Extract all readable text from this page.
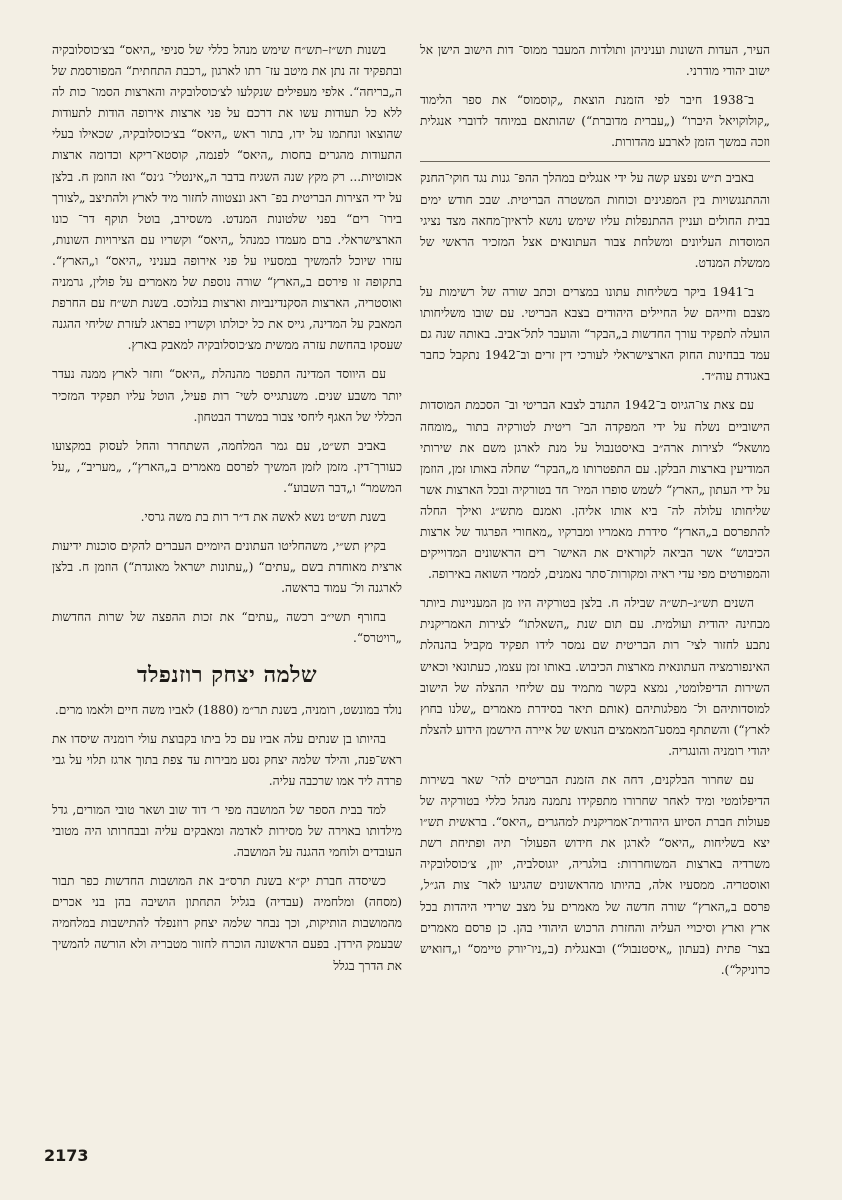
העיר, העדות השונות ועניניהן ותולדות המעבר ממוס־ דות הישוב הישן אל ישוב יהודי מודרני.

ב־1938 חיבר לפי הזמנת הוצאת „קוסמוס“ את ספר הלימוד „קולוקויאל היברו“ („עברית מדוברת“) שהותאם במיוחד לדוברי אנגלית וזכה במשך הזמן לארבע מהדורות.

באביב ת״ש נפצע קשה על ידי אנגלים במהלך ההפ־ גנות נגד חוקי־החנק וההתנגשויות בין המפגינים וכוחות המשטרה הבריטית. שבכ חודש ימים בבית החולים ועניין ההתנפלות עליו שימש נושא לראיון־מחאה מצד נציגי המוסדות העליונים ומשלחת צבור העתונאים אצל המזכיר הראשי של ממשלת המנדט.

ב־1941 ביקר בשליחות עתונו במצרים וכתב שורה של רשימות על מצבם וחייהם של החיילים היהודים בצבא הבריטי. עם שובו משליחותו הועלה לתפקיד עורך החדשות ב„הבקר“ והועבר לתל־אביב. באותה שנה גם עמד בבחינות החוק הארצישראלי לעורכי דין זרים וב־1942 נתקבל כחבר באגודת עוה״ד.

עם צאת צו־הגיוס ב־1942 התנדב לצבא הבריטי וב־ הסכמת המוסדות הישוביים נשלח על ידי המפקדה הב־ ריטית לטורקיה בתור „מומחה מושאל“ לצירות ארה״ב באיסטנבול על מנת לארגן משם את שירותי המודיעין בארצות הבלקן. עם התפטרותו מ„הבקר“ שחלה באותו זמן, הוזמן על ידי העתון „הארץ“ לשמש סופרו המיו־ חד בטורקיה ובכל הארצות אשר שליחותו עלולה לה־ ביא אותו אליהן. ואמנם מתש״ג ואילך החלה להתפרסם ב„הארץ“ סידרת מאמריו ומברקיו „מאחורי הפרגוד של ארצות הכיבוש“ אשר הביאה לקוראים את האישו־ רים הראשונים המדוייקים והמפורטים מפי עדי ראיה ומקורות־סתר נאמנים, לממדי השואה באירופה.

השנים תש״ג–תש״ה שבילה ח. בלצן בטורקיה היו מן המעניינות ביותר מבחינה יהודית ועולמית. עם תום שנת „השאלתו“ לצירות האמריקנית נתבע לחזור לצי־ רות הבריטית שם נמסר לידו תפקיד מקביל בהנהלת האינפורמציה העתונאית מארצות הכיבוש. באותו זמן עצמו, כעתונאי וכאיש השירות הדיפלומטי, נמצא בקשר מתמיד עם שליחי ההצלה של הישוב למוסדותיהם ול־ מפלגותיהם (אותם תיאר בסידרת מאמרים „שלנו בחוץ לארץ“) והשתתף במסע־המאמצים הנואש של איירה הירשמן הידוע להצלת יהודי רומניה והונגריה.

עם שחרור הבלקנים, דחה את הזמנת הבריטים להי־ שאר בשירות הדיפלומטי ומיד לאחר שחרורו מתפקידו נתמנה מנהל כללי בטורקיה של פעולות חברת הסיוע היהודית־אמריקנית למהגרים „היאס“. בראשית תש״ו יצא בשליחות „היאס“ לארגן את חידוש הפעולו־ תיה ופתיחת רשת משרדיה בארצות המשוחררות: בולגריה, יוגוסלביה, יוון, צ׳כוסלובקיה ואוסטריה. ממסעיו אלה, בהיותו מהראשונים שהגיעו לאר־ צות הג״ל, פרסם ב„הארץ“ שורה חדשה של מאמרים על מצב שרידי היהדות בכל ארץ וארץ וסיכויי העליה והחזרת הרכוש היהודי בהן. כן פרסם מאמרים בצר־ פתית (בעתון „איסטנבול“) ובאנגלית (ב„ניו־יורק טיימס“ ו„דזואיש כרוניקל“).

בשנות תש״ז–תש״ח שימש מנהל כללי של סניפי „היאס“ בצ׳כוסלובקיה ובתפקיד זה נתן את מיטב עז־ רתו לארגון „רכבת התחתית“ המפורסמת של ה„בריחה“. אלפי מעפילים שנקלעו לצ׳כוסלובקיה והארצות הסמו־ כות לה ללא כל תעודות עשו את דרכם על פני ארצות אירופה הודות לתעודות שהוצאו ונחתמו על ידו, בתור ראש „היאס“ בצ׳כוסלובקיה, שכאילו בעלי התעודות מהגרים בחסות „היאס“ לפנמה, קוסטא־ריקא וכדומה ארצות אכזוטיות... רק מקץ שנה השגיח בדבר ה„אינטלי־ ג׳נס“ ואז הוזמן ח. בלצן על ידי הצירות הבריטית בפ־ ראג ונצטווה לחזור מיד לארץ ולהתיצב „לצורך בירו־ רים“ בפני שלטונות המנדט. משסירב, בוטל תוקף דר־ כונו הארצישראלי. ברם מעמדו כמנהל „היאס“ וקשריו עם הצירויות השונות, עזרו שיוכל להמשיך במסעיו על פני אירופה בעניני „היאס“ ו„הארץ“. בתקופה זו פירסם ב„הארץ“ שורה נוספת של מאמרים על פולין, גרמניה ואוסטריה, הארצות הסקנדינביות וארצות בנלוכס. בשנת תש״ח עם החרפת המאבק על המדינה, גייס את כל יכולתו וקשריו בפראג לעזרת שליחי ההגנה שעסקו בהחשת עזרה ממשית מצ׳כוסלובקיה למאבק בארץ.

עם היווסד המדינה התפטר מהנהלת „היאס“ וחזר לארץ ממנה נעדר יותר משבע שנים. משנתגייס לשי־ רות פעיל, הוטל עליו תפקיד המזכיר הכללי של האגף ליחסי צבור במשרד הבטחון.

באביב תש״ט, עם גמר המלחמה, השתחרר והחל לעסוק במקצועו כעורך־דין. מזמן לזמן המשיך לפרסם מאמרים ב„הארץ“, „מעריב“, „על המשמר“ ו„דבר השבוע“.

בשנת תש״ט נשא לאשה את ד״ר רות בת משה גרסי.

בקיץ תש״י, משהחליטו העתונים היומיים העברים להקים סוכנות ידיעות ארצית מאוחדת בשם „עתים“ („עתונות ישראל מאוגדת“) הוזמן ח. בלצן לארגנה ול־ עמוד בראשה.

בחורף תשי״ב רכשה „עתים“ את זכות ההפצה של שרות החדשות „רויטרס“.

שלמה יצחק רוזנפלד

נולד במונשט, רומניה, בשנת תר״מ (1880) לאביו משה חיים ולאמו מרים.

בהיותו בן שנתים עלה אביו עם כל ביתו בקבוצת עולי רומניה שיסדו את ראש־פנה, והילד שלמה יצחק נסע מבירות עד צפת בתוך ארגז תלוי על גבי פרדה ליד אמו שרכבה עליה.

למד בבית הספר של המושבה מפי ר׳ דוד שוב ושאר טובי המורים, גדל מילדותו באוירה של מסירות לאדמה ומאבקים עליה ובבחרותו היה מטובי העובדים ולוחמי ההגנה על המושבה.

כשיסדה חברת יק״א בשנת תרס״ב את המושבות החדשות כפר תבור (מסחה) ומלחמיה (עבדיה) בגליל התחתון הושיבה בהן בני אכרים מהמושבות הותיקות, וכך נבחר שלמה יצחק רוזנפלד להתישבות במלחמיה שבעמק הירדן. בפעם הראשונה הוכרח לחזור מטבריה ולא הורשה להמשיך את הדרך בגלל

2173
